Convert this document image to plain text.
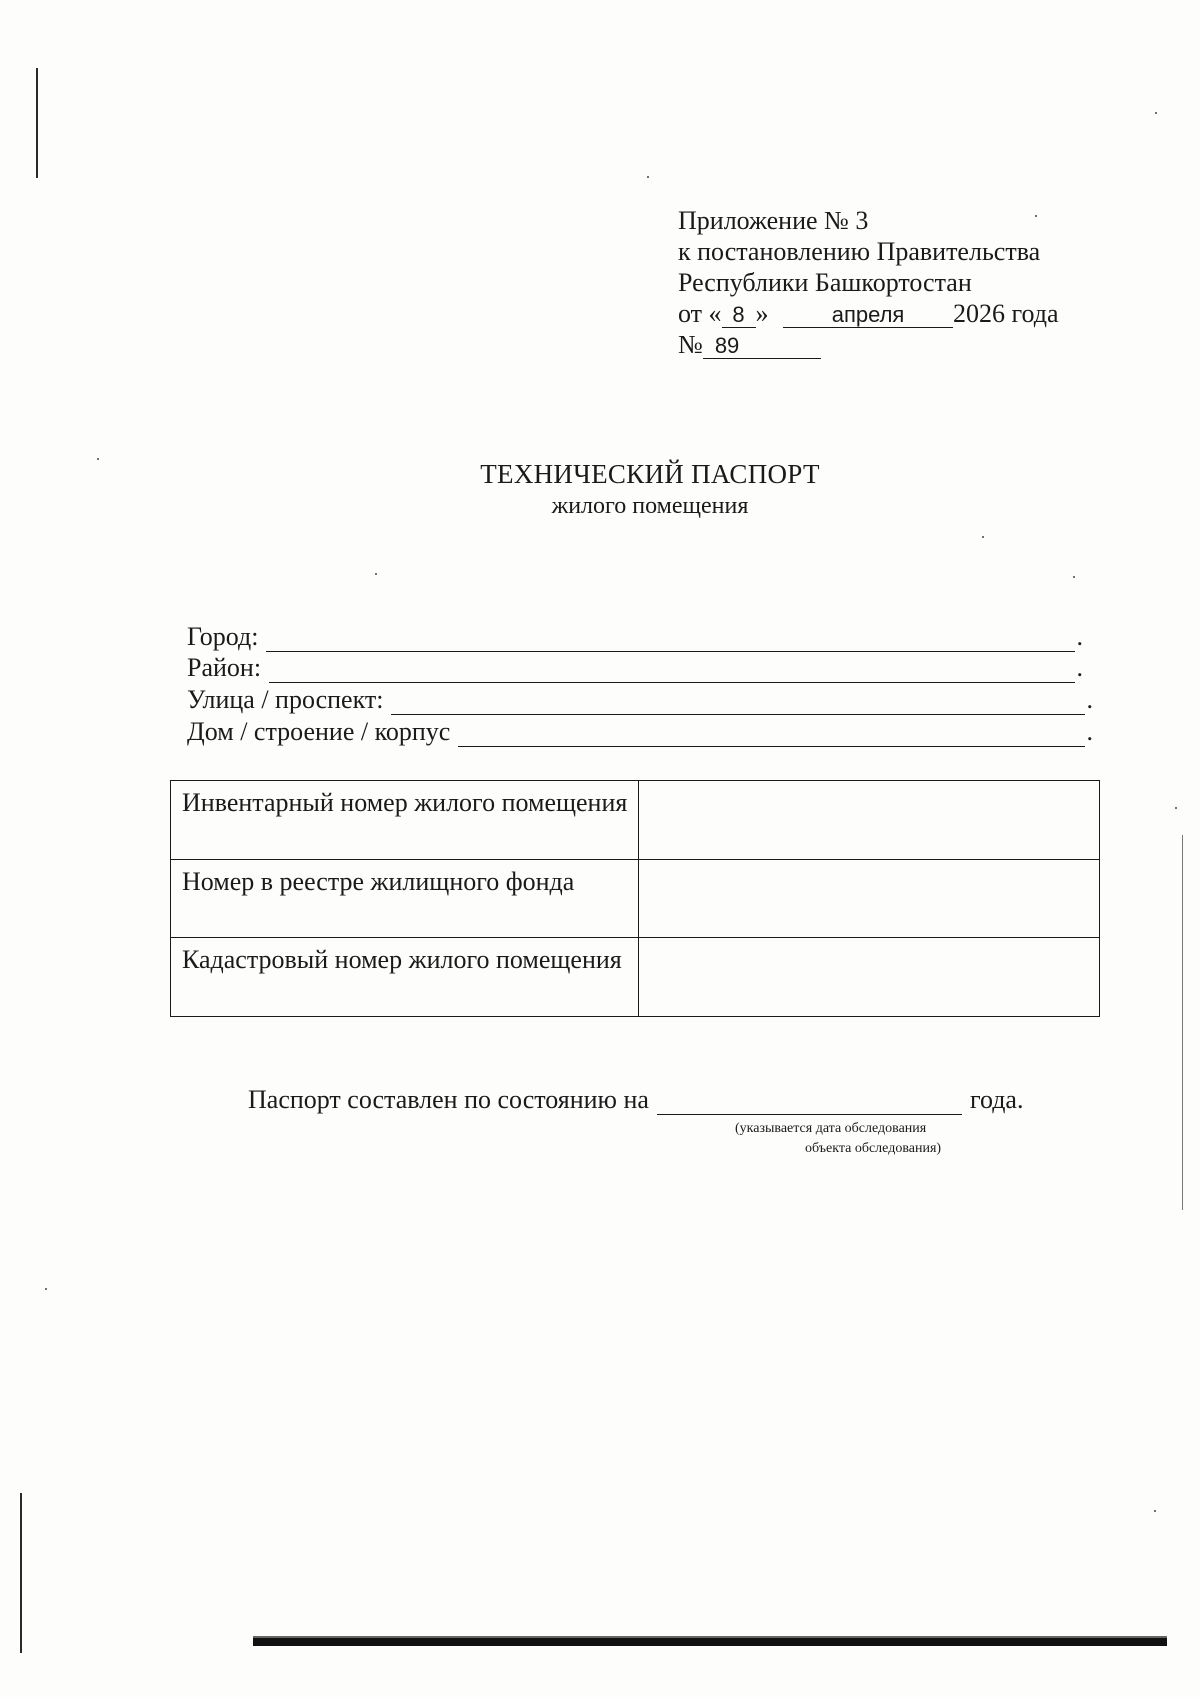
Приложение № 3
к постановлению Правительства
Республики Башкортостан
от « 8 »	апреля 2026 года
№ 89
ТЕХНИЧЕСКИЙ ПАСПОРТ
жилого помещения
Город:	.
Район:	.
Улица / проспект:	.
Дом / строение / корпус	.
Инвентарный номер жилого помещения	
Номер в реестре жилищного фонда	
Кадастровый номер жилого помещения	
Паспорт составлен по состоянию на	года.
(указывается дата обследования
объекта обследования)
